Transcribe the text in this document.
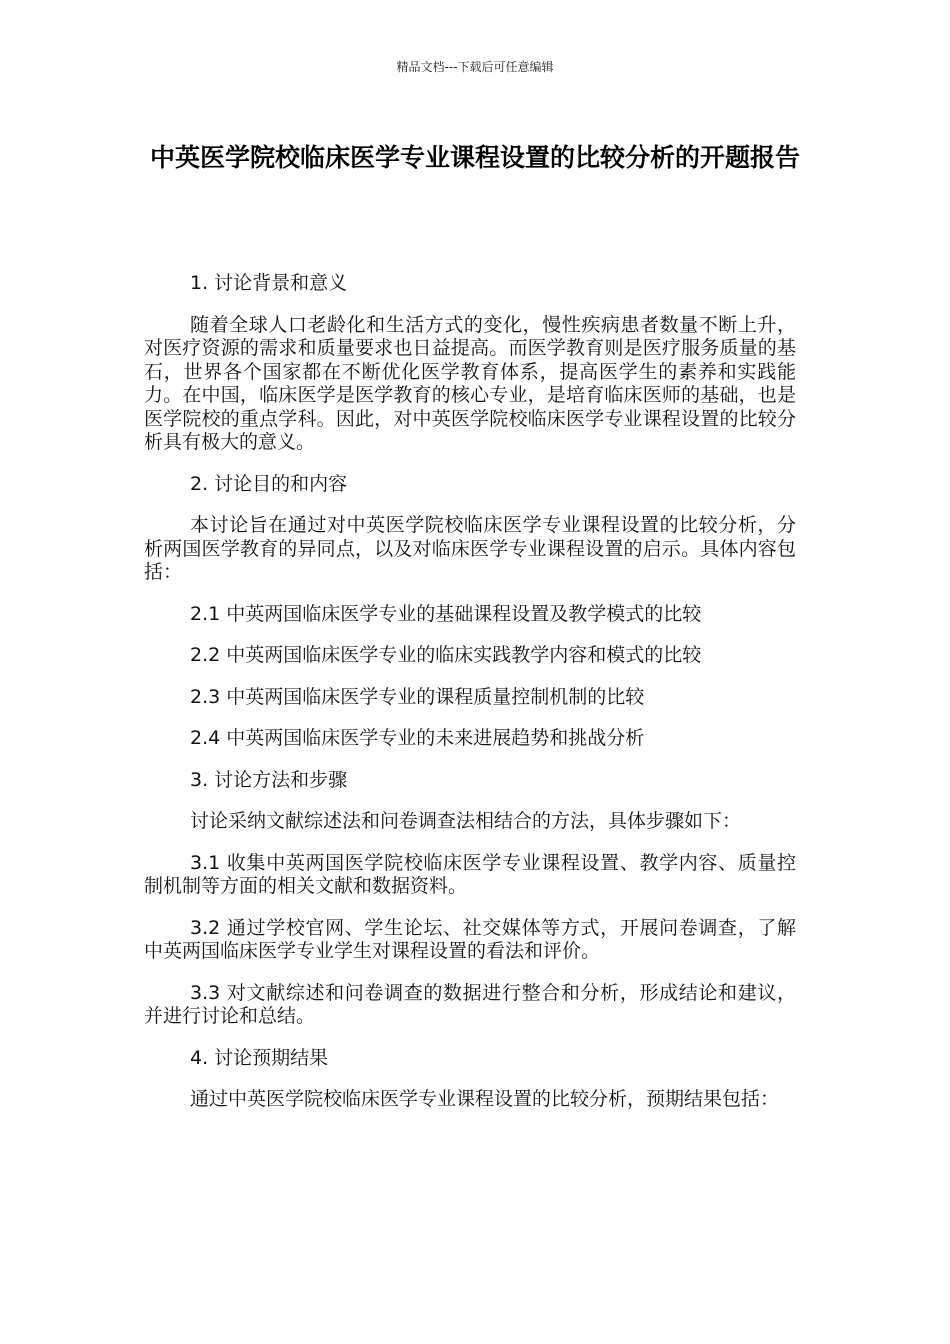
精品文档---下载后可任意编辑
中英医学院校临床医学专业课程设置的比较分析的开题报告

1. 讨论背景和意义

随着全球人口老龄化和生活方式的变化，慢性疾病患者数量不断上升，对医疗资源的需求和质量要求也日益提高。而医学教育则是医疗服务质量的基石，世界各个国家都在不断优化医学教育体系，提高医学生的素养和实践能力。在中国，临床医学是医学教育的核心专业，是培育临床医师的基础，也是医学院校的重点学科。因此，对中英医学院校临床医学专业课程设置的比较分析具有极大的意义。

2. 讨论目的和内容

本讨论旨在通过对中英医学院校临床医学专业课程设置的比较分析，分析两国医学教育的异同点，以及对临床医学专业课程设置的启示。具体内容包括：

2.1 中英两国临床医学专业的基础课程设置及教学模式的比较

2.2 中英两国临床医学专业的临床实践教学内容和模式的比较

2.3 中英两国临床医学专业的课程质量控制机制的比较

2.4 中英两国临床医学专业的未来进展趋势和挑战分析

3. 讨论方法和步骤

讨论采纳文献综述法和问卷调查法相结合的方法，具体步骤如下：

3.1 收集中英两国医学院校临床医学专业课程设置、教学内容、质量控制机制等方面的相关文献和数据资料。

3.2 通过学校官网、学生论坛、社交媒体等方式，开展问卷调查，了解中英两国临床医学专业学生对课程设置的看法和评价。

3.3 对文献综述和问卷调查的数据进行整合和分析，形成结论和建议，并进行讨论和总结。

4. 讨论预期结果

通过中英医学院校临床医学专业课程设置的比较分析，预期结果包括：
